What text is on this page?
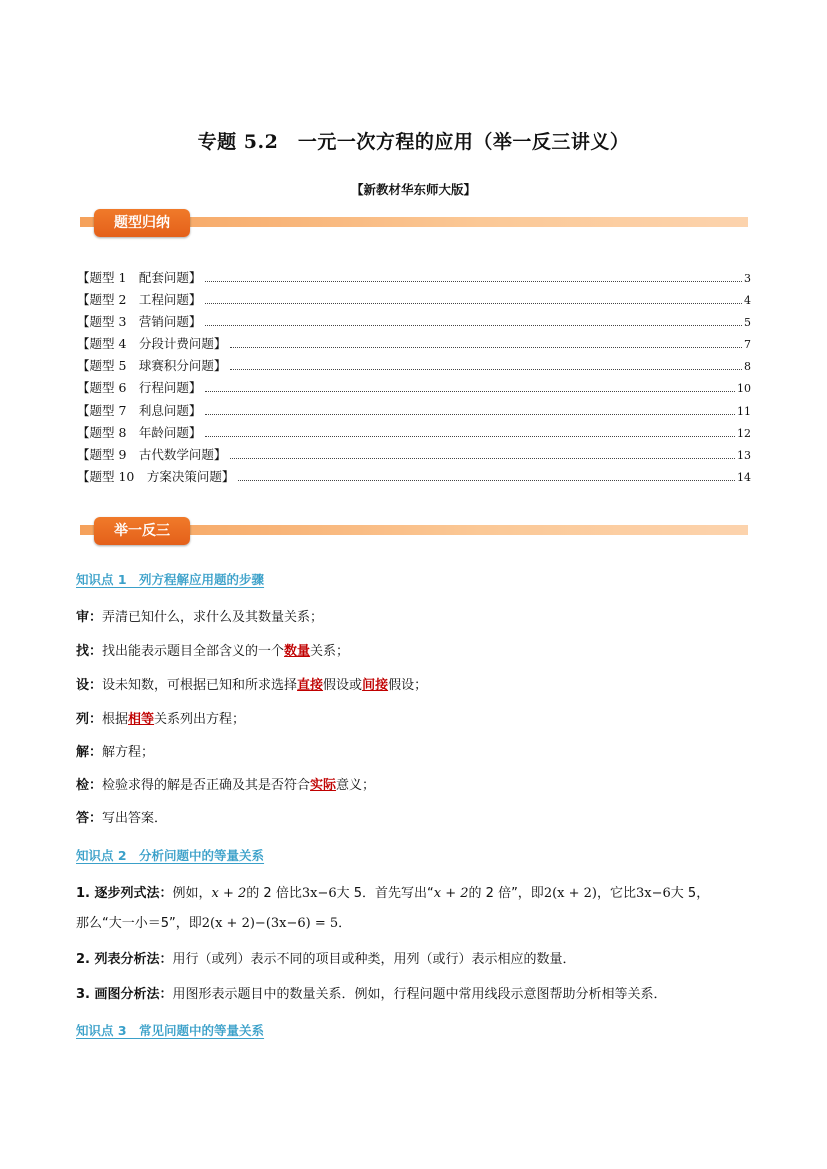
专题 5.2　一元一次方程的应用（举一反三讲义）
【新教材华东师大版】
题型归纳
【题型 1　配套问题】	3
【题型 2　工程问题】	4
【题型 3　营销问题】	5
【题型 4　分段计费问题】	7
【题型 5　球赛积分问题】	8
【题型 6　行程问题】	10
【题型 7　利息问题】	11
【题型 8　年龄问题】	12
【题型 9　古代数学问题】	13
【题型 10　方案决策问题】	14
举一反三
知识点 1　列方程解应用题的步骤
审：弄清已知什么，求什么及其数量关系；
找：找出能表示题目全部含义的一个数量关系；
设：设未知数，可根据已知和所求选择直接假设或间接假设；
列：根据相等关系列出方程；
解：解方程；
检：检验求得的解是否正确及其是否符合实际意义；
答：写出答案．
知识点 2　分析问题中的等量关系
1. 逐步列式法：例如，x + 2的 2 倍比3x−6大 5．首先写出“x + 2的 2 倍”，即2(x + 2)，它比3x−6大 5，
那么“大一小＝5”，即2(x + 2)−(3x−6) = 5．
2. 列表分析法：用行（或列）表示不同的项目或种类，用列（或行）表示相应的数量．
3. 画图分析法：用图形表示题目中的数量关系．例如，行程问题中常用线段示意图帮助分析相等关系．
知识点 3　常见问题中的等量关系
